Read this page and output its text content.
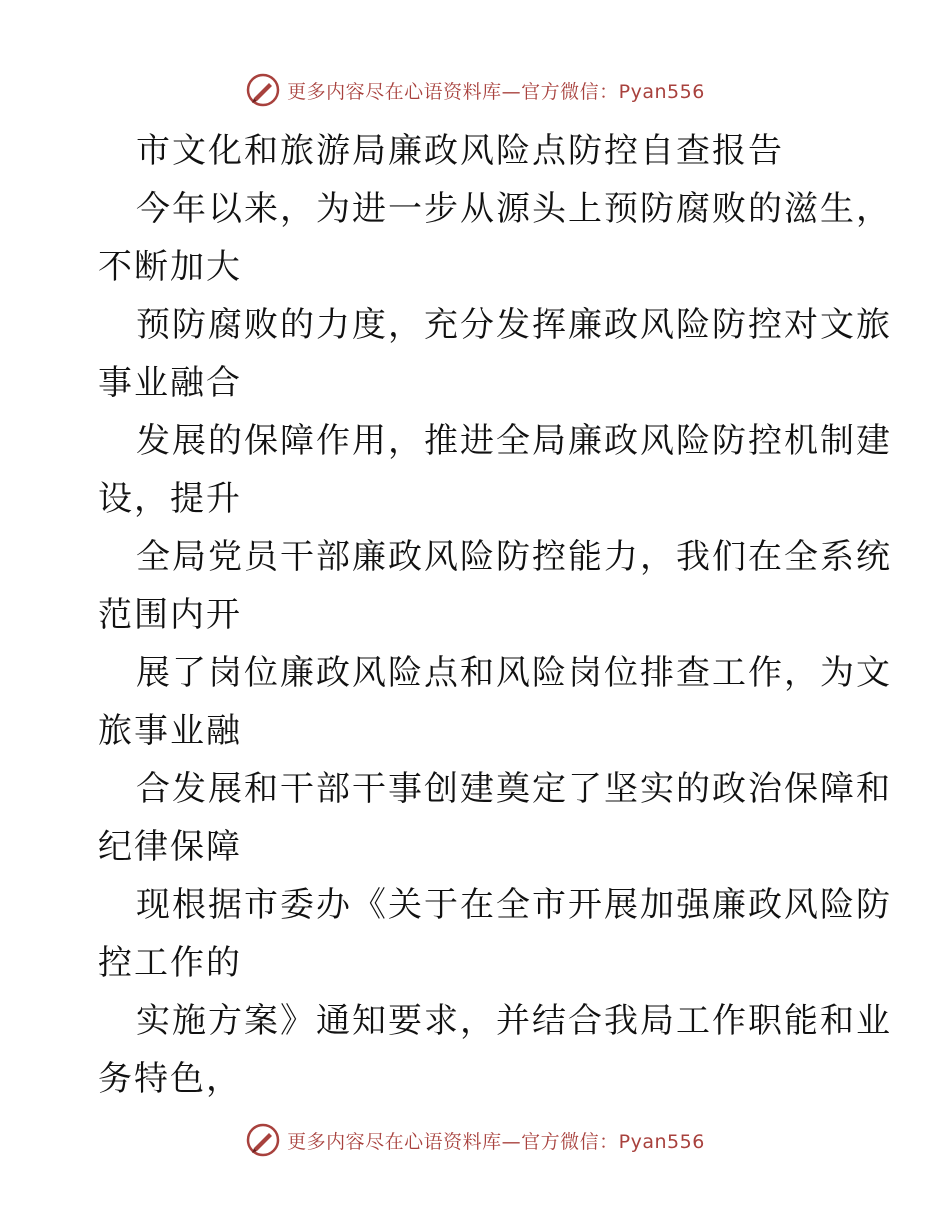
更多内容尽在心语资料库—官方微信：Pyan556
市文化和旅游局廉政风险点防控自查报告
今年以来，为进一步从源头上预防腐败的滋生，
不断加大
预防腐败的力度，充分发挥廉政风险防控对文旅
事业融合
发展的保障作用，推进全局廉政风险防控机制建
设，提升
全局党员干部廉政风险防控能力，我们在全系统
范围内开
展了岗位廉政风险点和风险岗位排查工作，为文
旅事业融
合发展和干部干事创建奠定了坚实的政治保障和
纪律保障
现根据市委办《关于在全市开展加强廉政风险防
控工作的
实施方案》通知要求，并结合我局工作职能和业
务特色，
更多内容尽在心语资料库—官方微信：Pyan556
